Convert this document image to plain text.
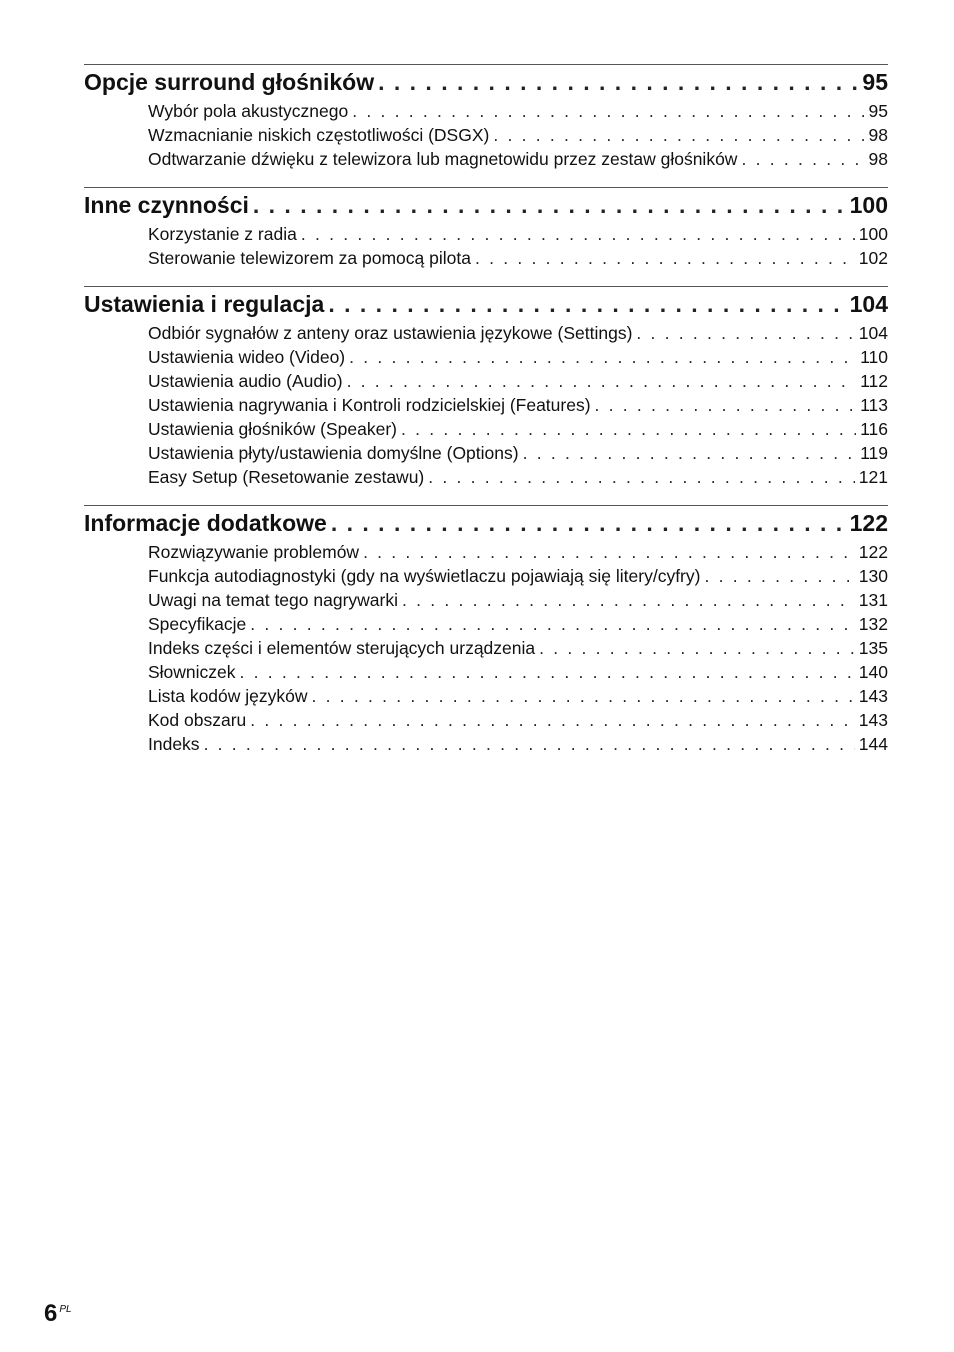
Opcje surround głośników . . .	95
Wybór pola akustycznego . . .	95
Wzmacnianie niskich częstotliwości (DSGX) . . .	98
Odtwarzanie dźwięku z telewizora lub magnetowidu przez zestaw głośników . . .	98
Inne czynności . . .	100
Korzystanie z radia . . .	100
Sterowanie telewizorem za pomocą pilota . . .	102
Ustawienia i regulacja . . .	104
Odbiór sygnałów z anteny oraz ustawienia językowe (Settings) . . .	104
Ustawienia wideo (Video) . . .	110
Ustawienia audio (Audio) . . .	112
Ustawienia nagrywania i Kontroli rodzicielskiej (Features) . . .	113
Ustawienia głośników (Speaker) . . .	116
Ustawienia płyty/ustawienia domyślne (Options) . . .	119
Easy Setup (Resetowanie zestawu) . . .	121
Informacje dodatkowe . . .	122
Rozwiązywanie problemów . . .	122
Funkcja autodiagnostyki (gdy na wyświetlaczu pojawiają się litery/cyfry) . . .	130
Uwagi na temat tego nagrywarki . . .	131
Specyfikacje . . .	132
Indeks części i elementów sterujących urządzenia . . .	135
Słowniczek . . .	140
Lista kodów języków . . .	143
Kod obszaru . . .	143
Indeks . . .	144
6 $^{PL}$
